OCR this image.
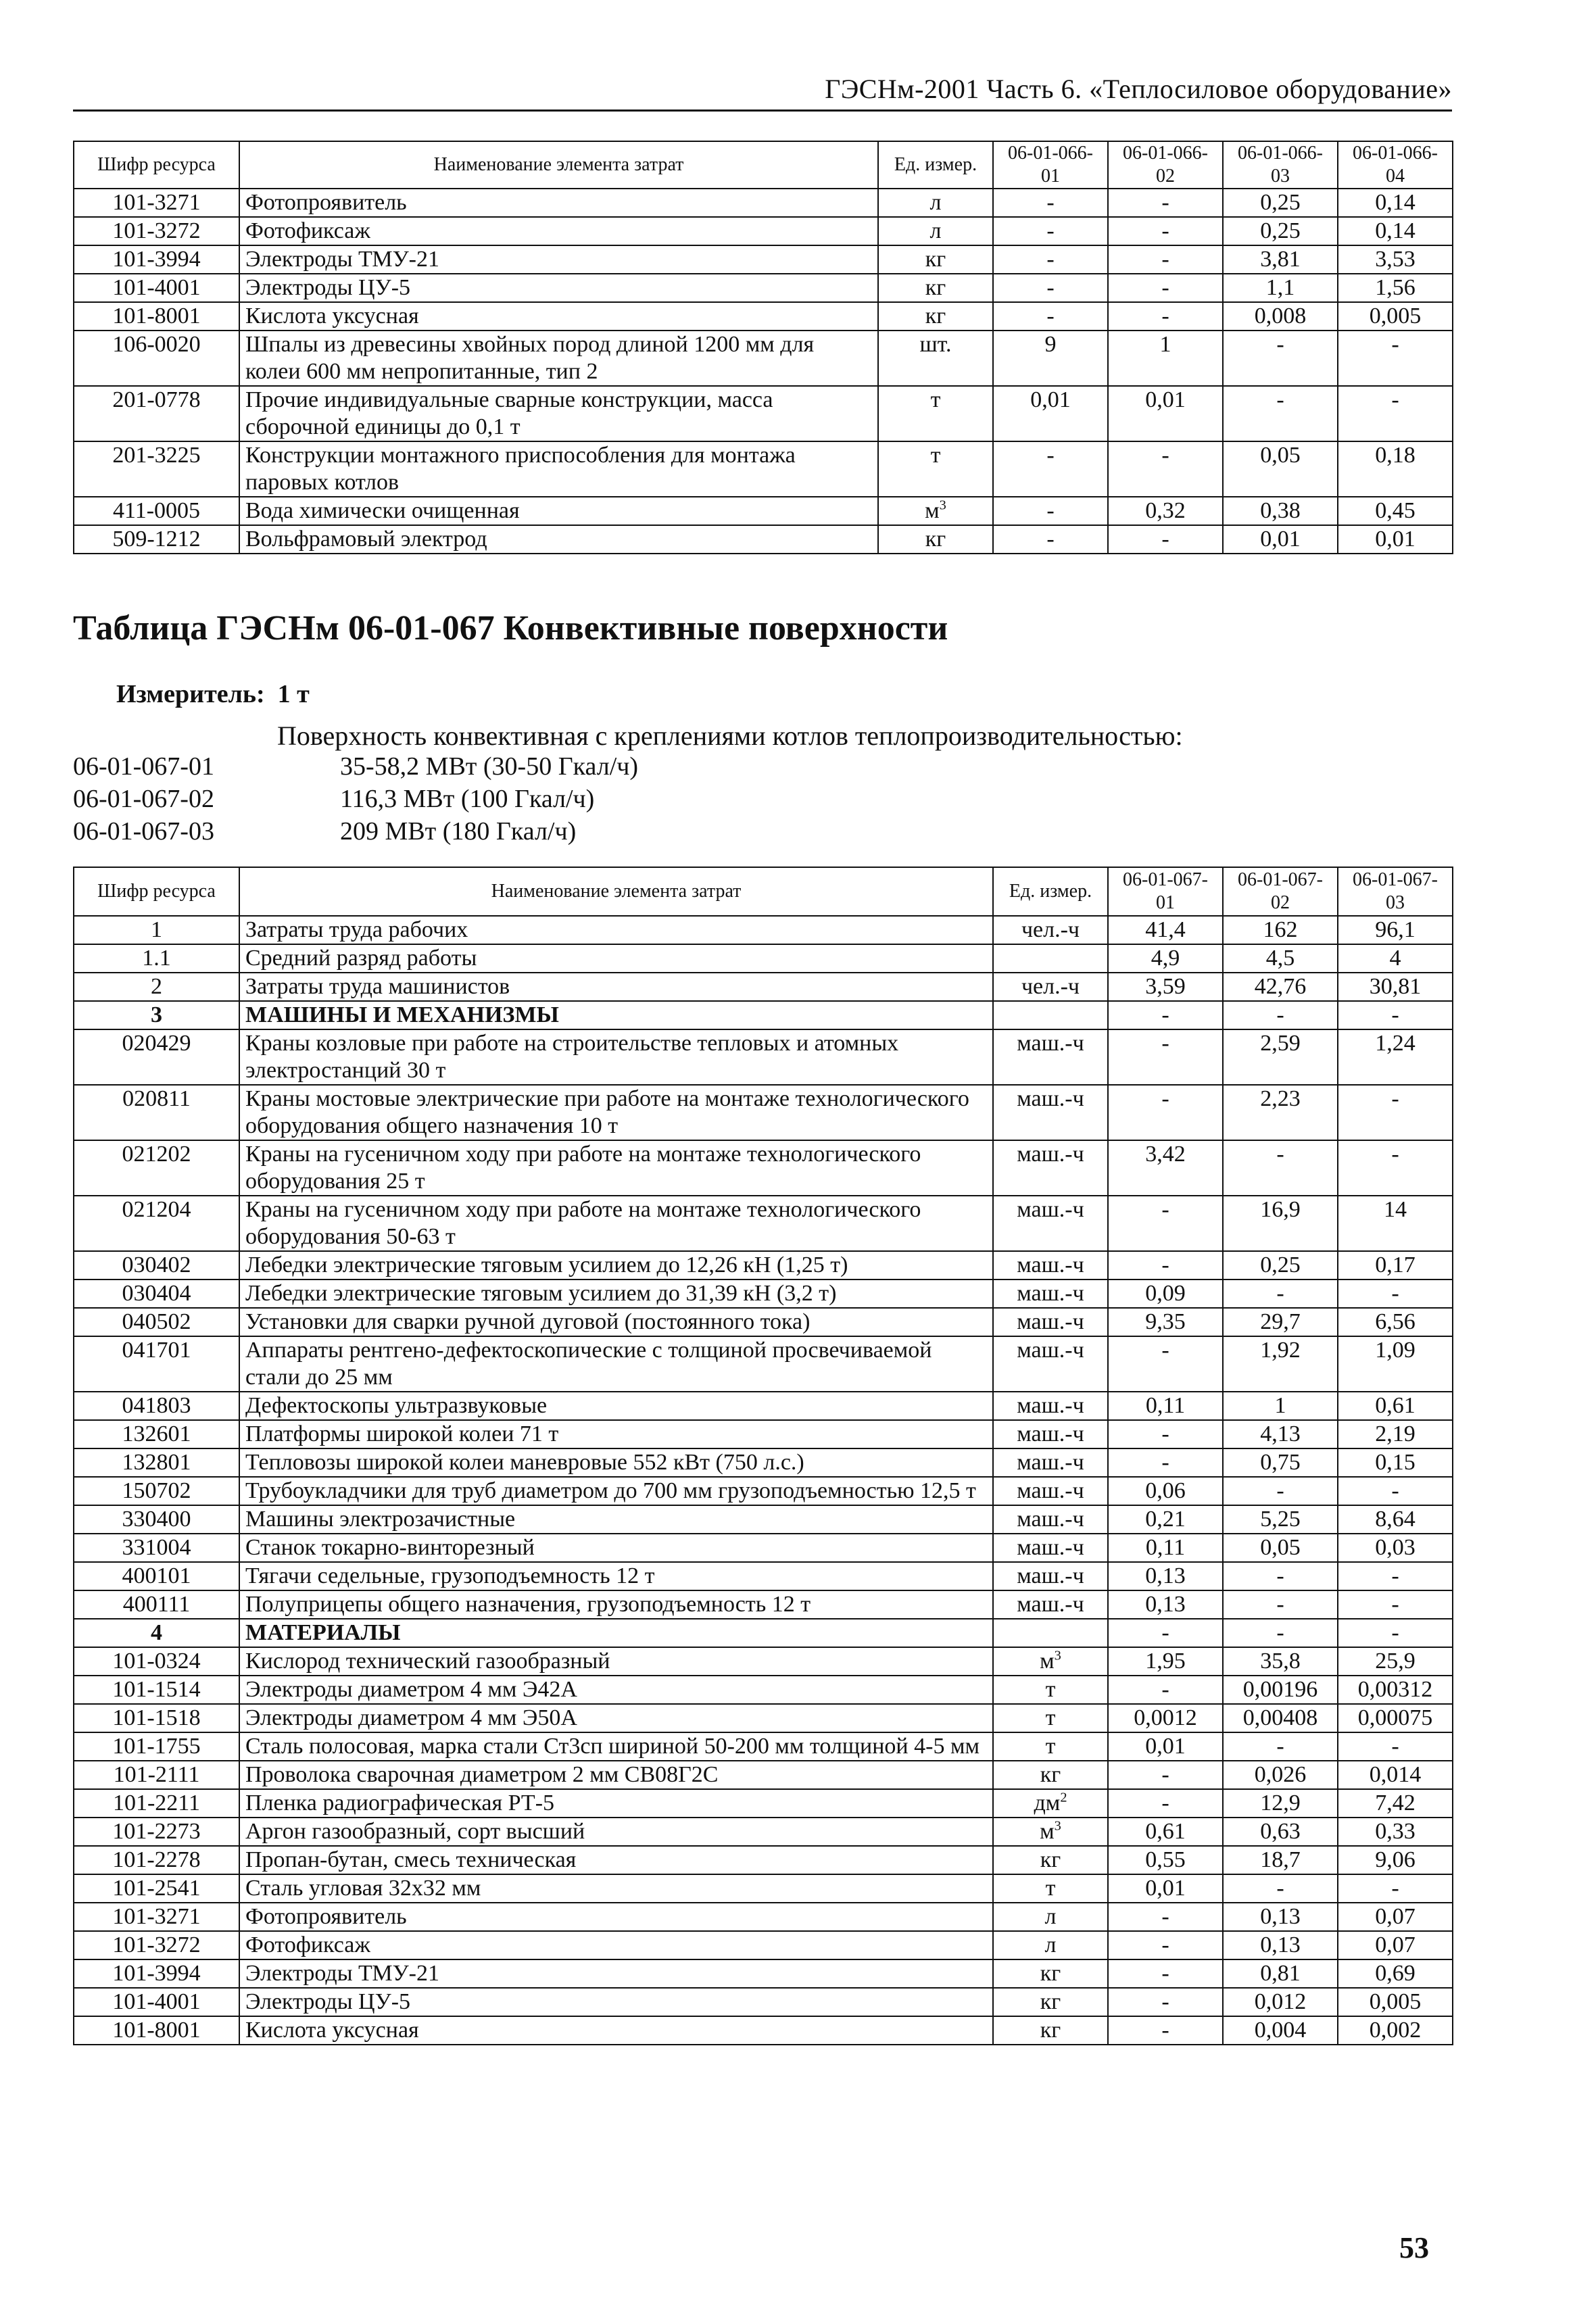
ГЭСНм-2001 Часть 6. «Теплосиловое оборудование»
Шифр ресурса	Наименование элемента затрат	Ед. измер.	06-01-066-01	06-01-066-02	06-01-066-03	06-01-066-04
101-3271	Фотопроявитель	л	-	-	0,25	0,14
101-3272	Фотофиксаж	л	-	-	0,25	0,14
101-3994	Электроды ТМУ-21	кг	-	-	3,81	3,53
101-4001	Электроды ЦУ-5	кг	-	-	1,1	1,56
101-8001	Кислота уксусная	кг	-	-	0,008	0,005
106-0020	Шпалы из древесины хвойных пород длиной 1200 мм для колеи 600 мм непропитанные, тип 2	шт.	9	1	-	-
201-0778	Прочие индивидуальные сварные конструкции, масса сборочной единицы до 0,1 т	т	0,01	0,01	-	-
201-3225	Конструкции монтажного приспособления для монтажа паровых котлов	т	-	-	0,05	0,18
411-0005	Вода химически очищенная	$м^3$	-	0,32	0,38	0,45
509-1212	Вольфрамовый электрод	кг	-	-	0,01	0,01
Таблица ГЭСНм 06-01-067 Конвективные поверхности
Измеритель: 1 т
Поверхность конвективная с креплениями котлов теплопроизводительностью:
06-01-067-01	35-58,2 МВт (30-50 Гкал/ч)
06-01-067-02	116,3 МВт (100 Гкал/ч)
06-01-067-03	209 МВт (180 Гкал/ч)
Шифр ресурса	Наименование элемента затрат	Ед. измер.	06-01-067-01	06-01-067-02	06-01-067-03
1	Затраты труда рабочих	чел.-ч	41,4	162	96,1
1.1	Средний разряд работы		4,9	4,5	4
2	Затраты труда машинистов	чел.-ч	3,59	42,76	30,81
3	МАШИНЫ И МЕХАНИЗМЫ		-	-	-
020429	Краны козловые при работе на строительстве тепловых и атомных электростанций 30 т	маш.-ч	-	2,59	1,24
020811	Краны мостовые электрические при работе на монтаже технологического оборудования общего назначения 10 т	маш.-ч	-	2,23	-
021202	Краны на гусеничном ходу при работе на монтаже технологического оборудования 25 т	маш.-ч	3,42	-	-
021204	Краны на гусеничном ходу при работе на монтаже технологического оборудования 50-63 т	маш.-ч	-	16,9	14
030402	Лебедки электрические тяговым усилием до 12,26 кН (1,25 т)	маш.-ч	-	0,25	0,17
030404	Лебедки электрические тяговым усилием до 31,39 кН (3,2 т)	маш.-ч	0,09	-	-
040502	Установки для сварки ручной дуговой (постоянного тока)	маш.-ч	9,35	29,7	6,56
041701	Аппараты рентгено-дефектоскопические с толщиной просвечиваемой стали до 25 мм	маш.-ч	-	1,92	1,09
041803	Дефектоскопы ультразвуковые	маш.-ч	0,11	1	0,61
132601	Платформы широкой колеи 71 т	маш.-ч	-	4,13	2,19
132801	Тепловозы широкой колеи маневровые 552 кВт (750 л.с.)	маш.-ч	-	0,75	0,15
150702	Трубоукладчики для труб диаметром до 700 мм грузоподъемностью 12,5 т	маш.-ч	0,06	-	-
330400	Машины электрозачистные	маш.-ч	0,21	5,25	8,64
331004	Станок токарно-винторезный	маш.-ч	0,11	0,05	0,03
400101	Тягачи седельные, грузоподъемность 12 т	маш.-ч	0,13	-	-
400111	Полуприцепы общего назначения, грузоподъемность 12 т	маш.-ч	0,13	-	-
4	МАТЕРИАЛЫ		-	-	-
101-0324	Кислород технический газообразный	$м^3$	1,95	35,8	25,9
101-1514	Электроды диаметром 4 мм Э42А	т	-	0,00196	0,00312
101-1518	Электроды диаметром 4 мм Э50А	т	0,0012	0,00408	0,00075
101-1755	Сталь полосовая, марка стали Ст3сп шириной 50-200 мм толщиной 4-5 мм	т	0,01	-	-
101-2111	Проволока сварочная диаметром 2 мм СВ08Г2С	кг	-	0,026	0,014
101-2211	Пленка радиографическая РТ-5	$дм^2$	-	12,9	7,42
101-2273	Аргон газообразный, сорт высший	$м^3$	0,61	0,63	0,33
101-2278	Пропан-бутан, смесь техническая	кг	0,55	18,7	9,06
101-2541	Сталь угловая 32х32 мм	т	0,01	-	-
101-3271	Фотопроявитель	л	-	0,13	0,07
101-3272	Фотофиксаж	л	-	0,13	0,07
101-3994	Электроды ТМУ-21	кг	-	0,81	0,69
101-4001	Электроды ЦУ-5	кг	-	0,012	0,005
101-8001	Кислота уксусная	кг	-	0,004	0,002
53
